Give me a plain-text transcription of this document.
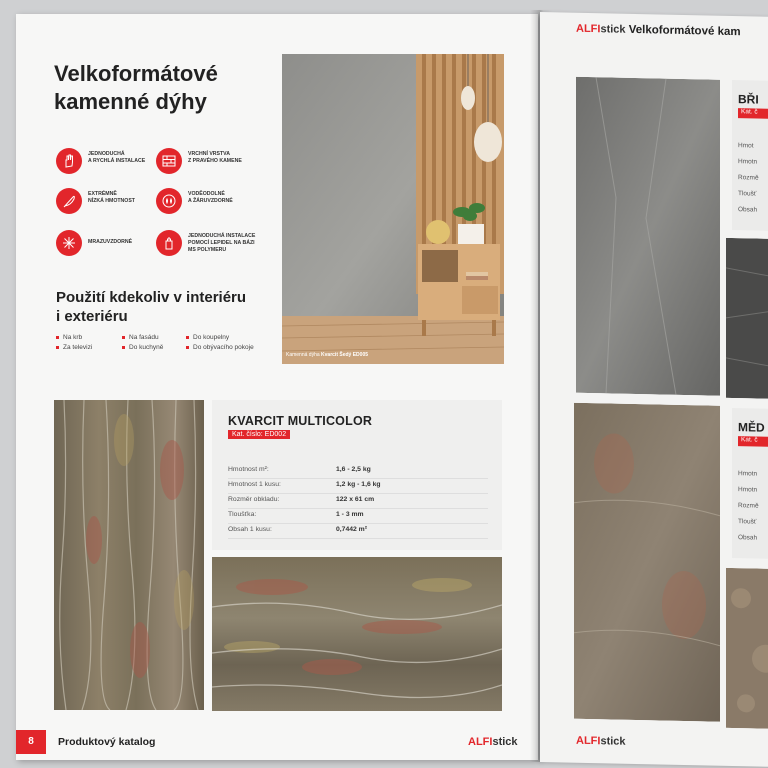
Velkoformátové
kamenné dýhy
JEDNODUCHÁ
A RYCHLÁ INSTALACE
VRCHNÍ VRSTVA
Z PRAVÉHO KAMENE
EXTRÉMNĚ
NÍZKÁ HMOTNOST
VODĚODOLNÉ
A ŽÁRUVZDORNÉ
MRAZUVZDORNÉ
JEDNODUCHÁ INSTALACE
POMOCÍ LEPIDEL NA BÁZI
MS POLYMERU
Použití kdekoliv v interiéru
i exteriéru
Na krb
Za televizi
Na fasádu
Do kuchyně
Do koupelny
Do obývacího pokoje
Kamenná dýha Kvarcit Šedý ED005
KVARCIT MULTICOLOR
Kat. číslo: ED002
Hmotnost m²:	1,6 - 2,5 kg
Hmotnost 1 kusu:	1,2 kg - 1,6 kg
Rozměr obkladu:	122 x 61 cm
Tloušťka:	1 - 3 mm
Obsah 1 kusu:	0,7442 m²
8	Produktový katalog	ALFIstick
ALFIstick Velkoformátové kam
BŘI
Kat. č
Hmot
Hmotn
Rozmě
Tloušť
Obsah
MĚD
Kat. č
Hmotn
Hmotn
Rozmě
Tloušť
Obsah
ALFIstick
